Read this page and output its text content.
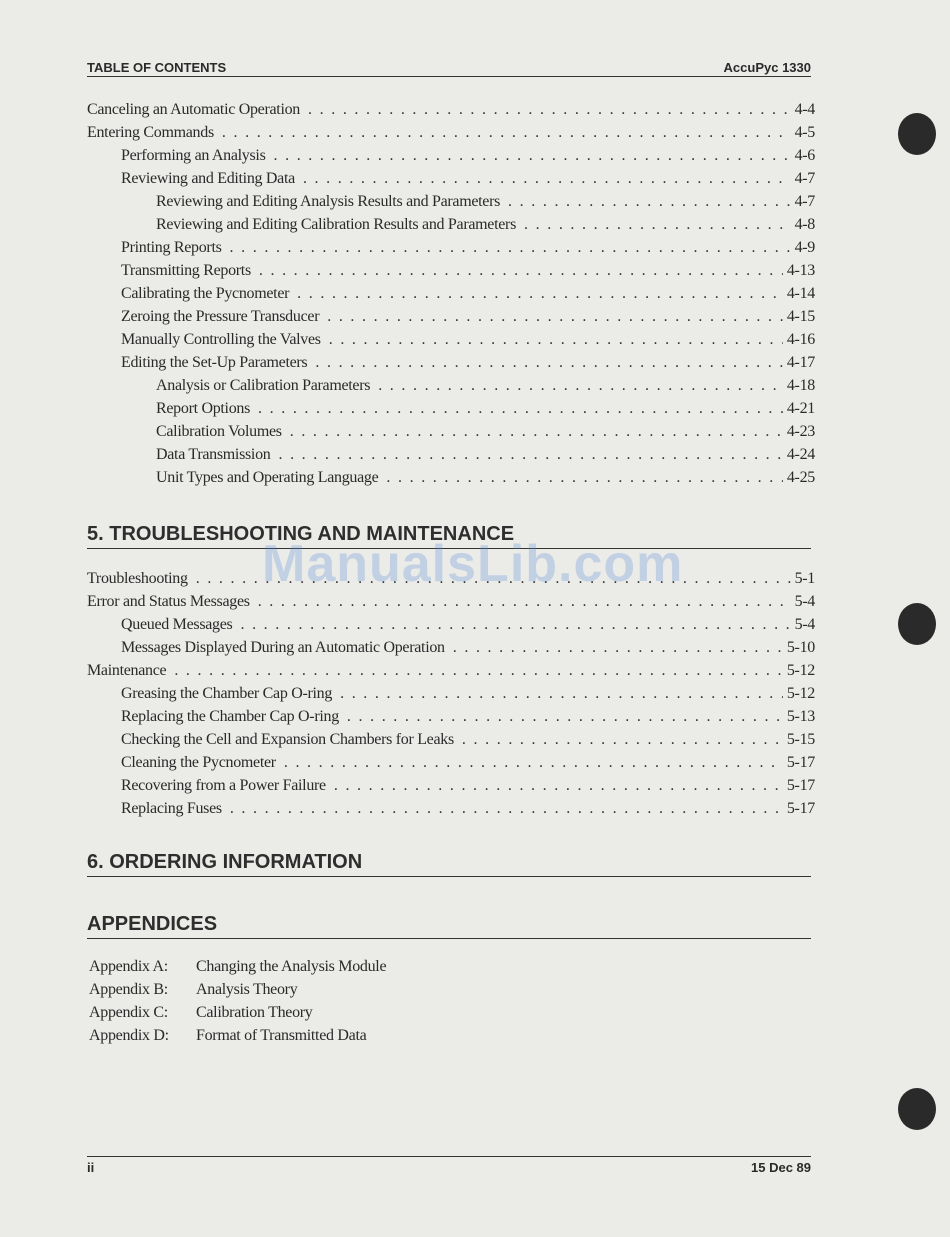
TABLE OF CONTENTS	AccuPyc 1330
Canceling an Automatic Operation . . .	4-4
Entering Commands . . .	4-5
Performing an Analysis . . .	4-6
Reviewing and Editing Data . . .	4-7
Reviewing and Editing Analysis Results and Parameters . . .	4-7
Reviewing and Editing Calibration Results and Parameters . . .	4-8
Printing Reports . . .	4-9
Transmitting Reports . . .	4-13
Calibrating the Pycnometer . . .	4-14
Zeroing the Pressure Transducer . . .	4-15
Manually Controlling the Valves . . .	4-16
Editing the Set-Up Parameters . . .	4-17
Analysis or Calibration Parameters . . .	4-18
Report Options . . .	4-21
Calibration Volumes . . .	4-23
Data Transmission . . .	4-24
Unit Types and Operating Language . . .	4-25
5. TROUBLESHOOTING AND MAINTENANCE
Troubleshooting . . .	5-1
Error and Status Messages . . .	5-4
Queued Messages . . .	5-4
Messages Displayed During an Automatic Operation . . .	5-10
Maintenance . . .	5-12
Greasing the Chamber Cap O-ring . . .	5-12
Replacing the Chamber Cap O-ring . . .	5-13
Checking the Cell and Expansion Chambers for Leaks . . .	5-15
Cleaning the Pycnometer . . .	5-17
Recovering from a Power Failure . . .	5-17
Replacing Fuses . . .	5-17
6. ORDERING INFORMATION
APPENDICES
Appendix A:	Changing the Analysis Module
Appendix B:	Analysis Theory
Appendix C:	Calibration Theory
Appendix D:	Format of Transmitted Data
ii	15 Dec 89
ManualsLib.com
